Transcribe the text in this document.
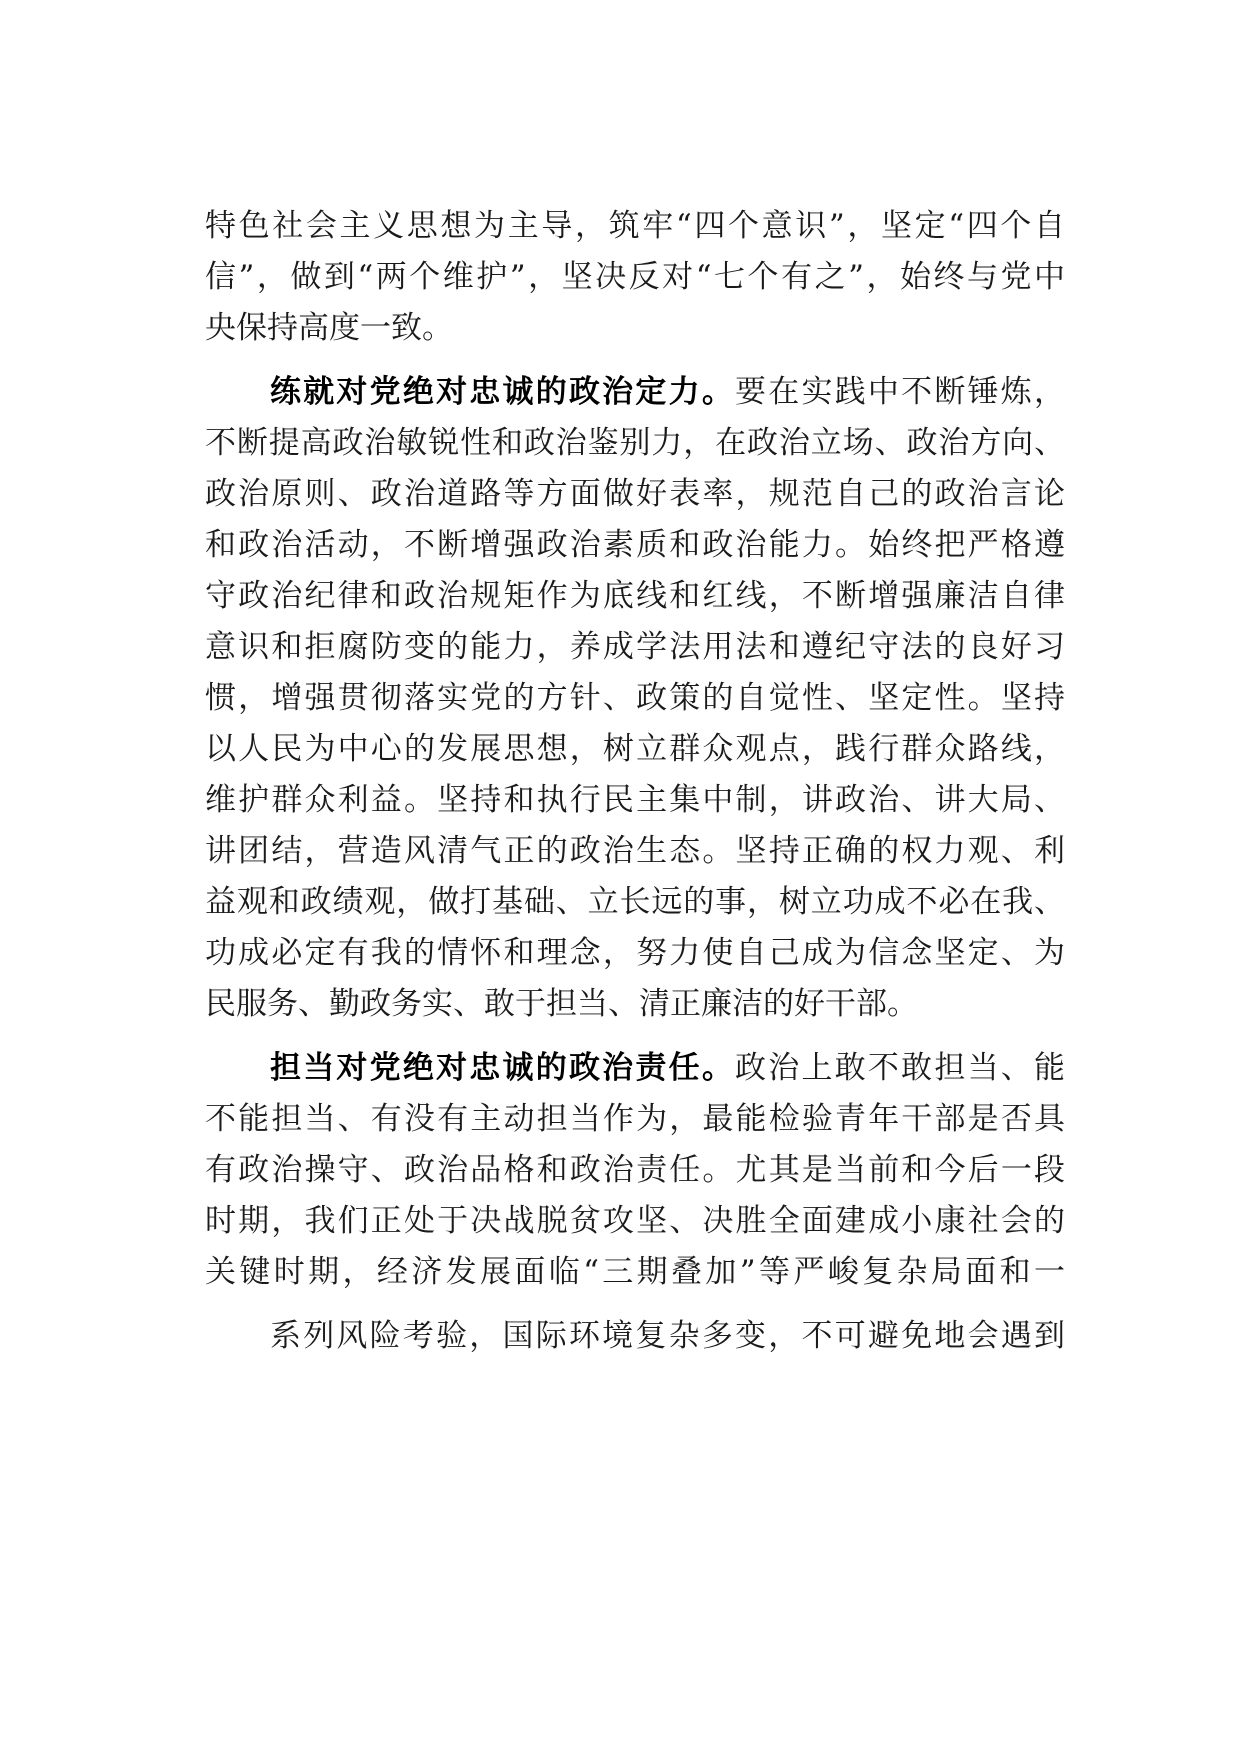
特色社会主义思想为主导，筑牢“四个意识”，坚定“四个自
信”，做到“两个维护”，坚决反对“七个有之”，始终与党中
央保持高度一致。
练就对党绝对忠诚的政治定力。要在实践中不断锤炼，
不断提高政治敏锐性和政治鉴别力，在政治立场、政治方向、
政治原则、政治道路等方面做好表率，规范自己的政治言论
和政治活动，不断增强政治素质和政治能力。始终把严格遵
守政治纪律和政治规矩作为底线和红线，不断增强廉洁自律
意识和拒腐防变的能力，养成学法用法和遵纪守法的良好习
惯，增强贯彻落实党的方针、政策的自觉性、坚定性。坚持
以人民为中心的发展思想，树立群众观点，践行群众路线，
维护群众利益。坚持和执行民主集中制，讲政治、讲大局、
讲团结，营造风清气正的政治生态。坚持正确的权力观、利
益观和政绩观，做打基础、立长远的事，树立功成不必在我、
功成必定有我的情怀和理念，努力使自己成为信念坚定、为
民服务、勤政务实、敢于担当、清正廉洁的好干部。
担当对党绝对忠诚的政治责任。政治上敢不敢担当、能
不能担当、有没有主动担当作为，最能检验青年干部是否具
有政治操守、政治品格和政治责任。尤其是当前和今后一段
时期，我们正处于决战脱贫攻坚、决胜全面建成小康社会的
关键时期，经济发展面临“三期叠加”等严峻复杂局面和一
系列风险考验，国际环境复杂多变，不可避免地会遇到
